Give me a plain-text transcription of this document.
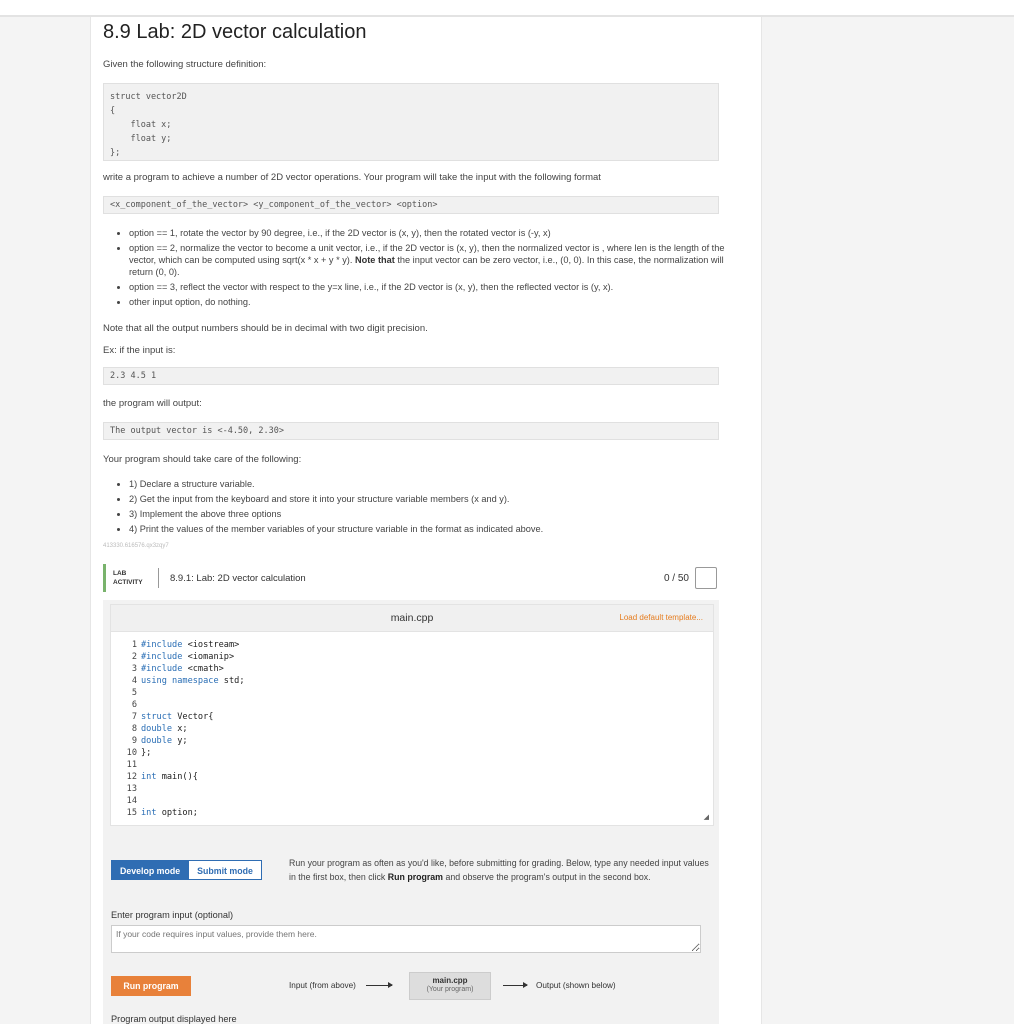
8.9 Lab: 2D vector calculation

Given the following structure definition:

struct vector2D
{
float x;
float y;
};

write a program to achieve a number of 2D vector operations. Your program will take the input with the following format

<x_component_of_the_vector> <y_component_of_the_vector> <option>
• option == 1, rotate the vector by 90 degree, i.e., if the 2D vector is (x, y), then the rotated vector is (-y, x)
• option == 2, normalize the vector to become a unit vector, i.e., if the 2D vector is (x, y), then the normalized vector is , where len is the length of the vector, which can be computed using sqrt(x * x + y * y). Note that the input vector can be zero vector, i.e., (0, 0). In this case, the normalization will return (0, 0).
• option == 3, reflect the vector with respect to the y=x line, i.e., if the 2D vector is (x, y), then the reflected vector is (y, x).
• other input option, do nothing.

Note that all the output numbers should be in decimal with two digit precision.

Ex: if the input is:

2.3 4.5 1

the program will output:

The output vector is <-4.50, 2.30>

Your program should take care of the following:

• 1) Declare a structure variable.
• 2) Get the input from the keyboard and store it into your structure variable members (x and y).
• 3) Implement the above three options
• 4) Print the values of the member variables of your structure variable in the format as indicated above.
413330.616576.qx3zqy7
LAB
ACTIVITY	8.9.1: Lab: 2D vector calculation	0 / 50
main.cpp	Load default template...
1 #include <iostream>
2 #include <iomanip>
3 #include <cmath>
4 using namespace std;
5
6
7 struct Vector{
8 double x;
9 double y;
10 };
11
12 int main(){
13
14
15 int option;	◢
Develop mode	Submit mode
Run your program as often as you'd like, before submitting for grading. Below, type any needed input values in the first box, then click Run program and observe the program's output in the second box.
Enter program input (optional)
If your code requires input values, provide them here.
Run program	Input (from above)
main.cpp
(Your program)	Output (shown below)
Program output displayed here
